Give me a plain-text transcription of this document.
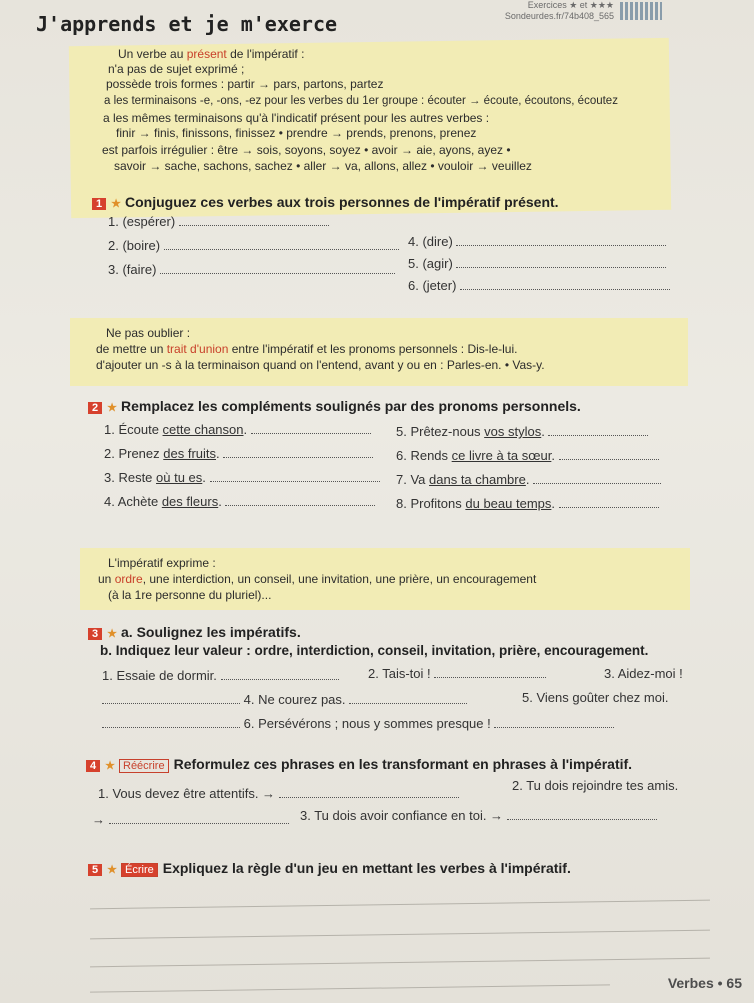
Exercices ★ et ★★★
Sondeurdes.fr/74b408_565
J'apprends et je m'exerce
Un verbe au présent de l'impératif :
n'a pas de sujet exprimé ;
possède trois formes : partir → pars, partons, partez
a les terminaisons -e, -ons, -ez pour les verbes du 1er groupe : écouter → écoute, écoutons, écoutez
a les mêmes terminaisons qu'à l'indicatif présent pour les autres verbes :
finir → finis, finissons, finissez • prendre → prends, prenons, prenez
est parfois irrégulier : être → sois, soyons, soyez • avoir → aie, ayons, ayez •
savoir → sache, sachons, sachez • aller → va, allons, allez • vouloir → veuillez
1 ★ Conjuguez ces verbes aux trois personnes de l'impératif présent.
1. (espérer)
2. (boire)
3. (faire)
4. (dire)
5. (agir)
6. (jeter)
Ne pas oublier :
de mettre un trait d'union entre l'impératif et les pronoms personnels : Dis-le-lui.
d'ajouter un -s à la terminaison quand on l'entend, avant y ou en : Parles-en. • Vas-y.
2 ★ Remplacez les compléments soulignés par des pronoms personnels.
1. Écoute cette chanson.
2. Prenez des fruits.
3. Reste où tu es.
4. Achète des fleurs.
5. Prêtez-nous vos stylos.
6. Rends ce livre à ta sœur.
7. Va dans ta chambre.
8. Profitons du beau temps.
L'impératif exprime :
un ordre, une interdiction, un conseil, une invitation, une prière, un encouragement
(à la 1re personne du pluriel)...
3 ★ a. Soulignez les impératifs.
b. Indiquez leur valeur : ordre, interdiction, conseil, invitation, prière, encouragement.
1. Essaie de dormir.	2. Tais-toi !	3. Aidez-moi !
4. Ne courez pas.	5. Viens goûter chez moi.
6. Persévérons ; nous y sommes presque !
4 ★ Réécrire Reformulez ces phrases en les transformant en phrases à l'impératif.
1. Vous devez être attentifs. →
2. Tu dois rejoindre tes amis.
→	3. Tu dois avoir confiance en toi. →
5 ★ Écrire Expliquez la règle d'un jeu en mettant les verbes à l'impératif.
Verbes • 65
